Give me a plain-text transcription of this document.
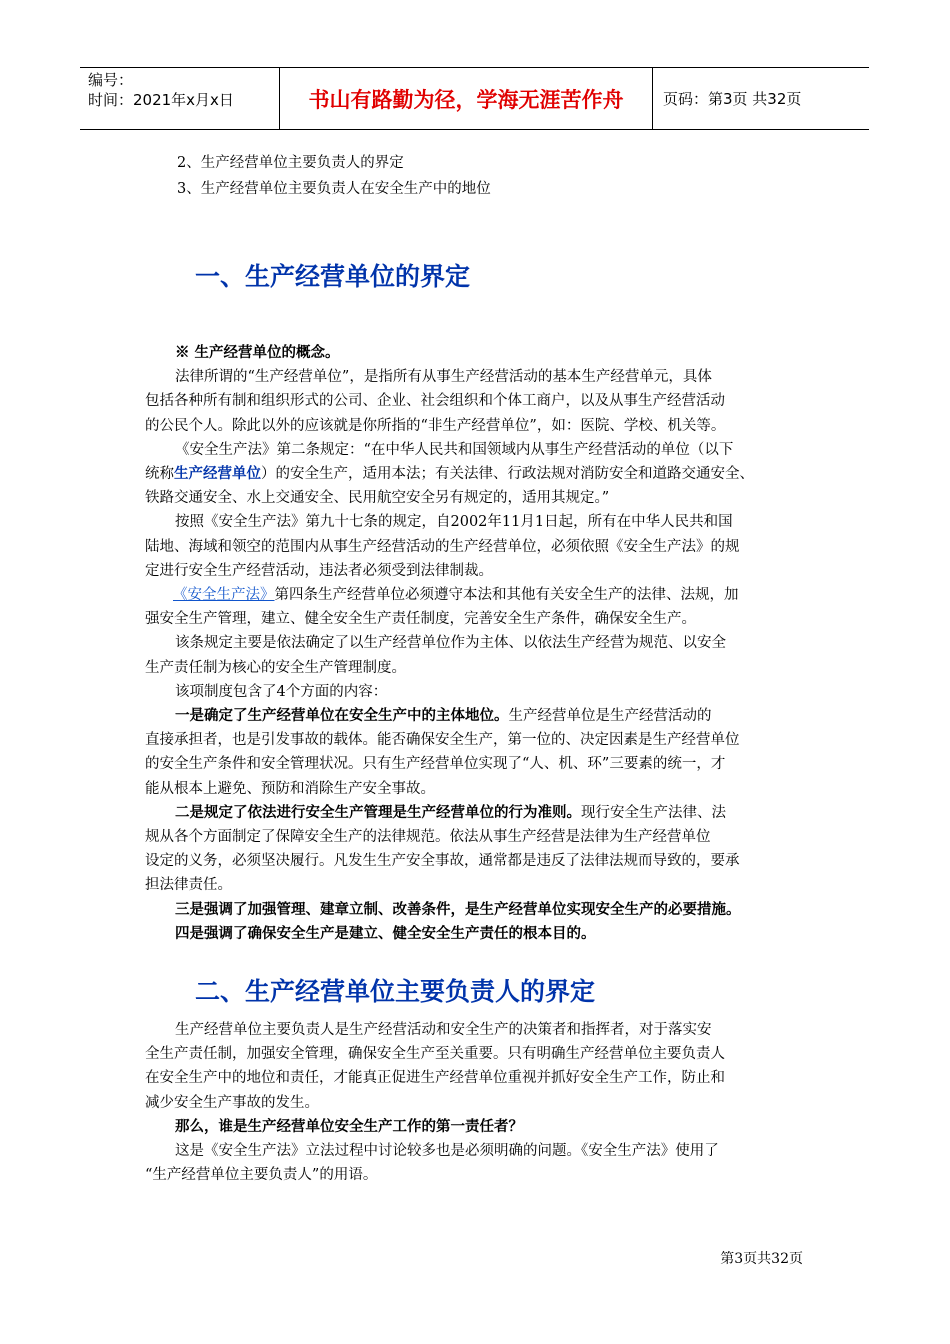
编号：
时间：2021年x月x日	书山有路勤为径，学海无涯苦作舟	页码：第3页 共32页
2、生产经营单位主要负责人的界定
3、生产经营单位主要负责人在安全生产中的地位
一、生产经营单位的界定
※ 生产经营单位的概念。
法律所谓的“生产经营单位”，是指所有从事生产经营活动的基本生产经营单元，具体
包括各种所有制和组织形式的公司、企业、社会组织和个体工商户，以及从事生产经营活动
的公民个人。除此以外的应该就是你所指的“非生产经营单位”，如：医院、学校、机关等。
《安全生产法》第二条规定：“在中华人民共和国领域内从事生产经营活动的单位（以下
统称生产经营单位）的安全生产，适用本法；有关法律、行政法规对消防安全和道路交通安全、
铁路交通安全、水上交通安全、民用航空安全另有规定的，适用其规定。”
按照《安全生产法》第九十七条的规定，自2002年11月1日起，所有在中华人民共和国
陆地、海域和领空的范围内从事生产经营活动的生产经营单位，必须依照《安全生产法》的规
定进行安全生产经营活动，违法者必须受到法律制裁。
《安全生产法》第四条生产经营单位必须遵守本法和其他有关安全生产的法律、法规，加
强安全生产管理，建立、健全安全生产责任制度，完善安全生产条件，确保安全生产。
该条规定主要是依法确定了以生产经营单位作为主体、以依法生产经营为规范、以安全
生产责任制为核心的安全生产管理制度。
该项制度包含了4个方面的内容：
一是确定了生产经营单位在安全生产中的主体地位。生产经营单位是生产经营活动的
直接承担者，也是引发事故的载体。能否确保安全生产，第一位的、决定因素是生产经营单位
的安全生产条件和安全管理状况。只有生产经营单位实现了“人、机、环”三要素的统一，才
能从根本上避免、预防和消除生产安全事故。
二是规定了依法进行安全生产管理是生产经营单位的行为准则。现行安全生产法律、法
规从各个方面制定了保障安全生产的法律规范。依法从事生产经营是法律为生产经营单位
设定的义务，必须坚决履行。凡发生生产安全事故，通常都是违反了法律法规而导致的，要承
担法律责任。
三是强调了加强管理、建章立制、改善条件，是生产经营单位实现安全生产的必要措施。
四是强调了确保安全生产是建立、健全安全生产责任的根本目的。
二、生产经营单位主要负责人的界定
生产经营单位主要负责人是生产经营活动和安全生产的决策者和指挥者，对于落实安
全生产责任制，加强安全管理，确保安全生产至关重要。只有明确生产经营单位主要负责人
在安全生产中的地位和责任，才能真正促进生产经营单位重视并抓好安全生产工作，防止和
减少安全生产事故的发生。
那么，谁是生产经营单位安全生产工作的第一责任者？
这是《安全生产法》立法过程中讨论较多也是必须明确的问题。《安全生产法》使用了
“生产经营单位主要负责人”的用语。
第3页共32页
